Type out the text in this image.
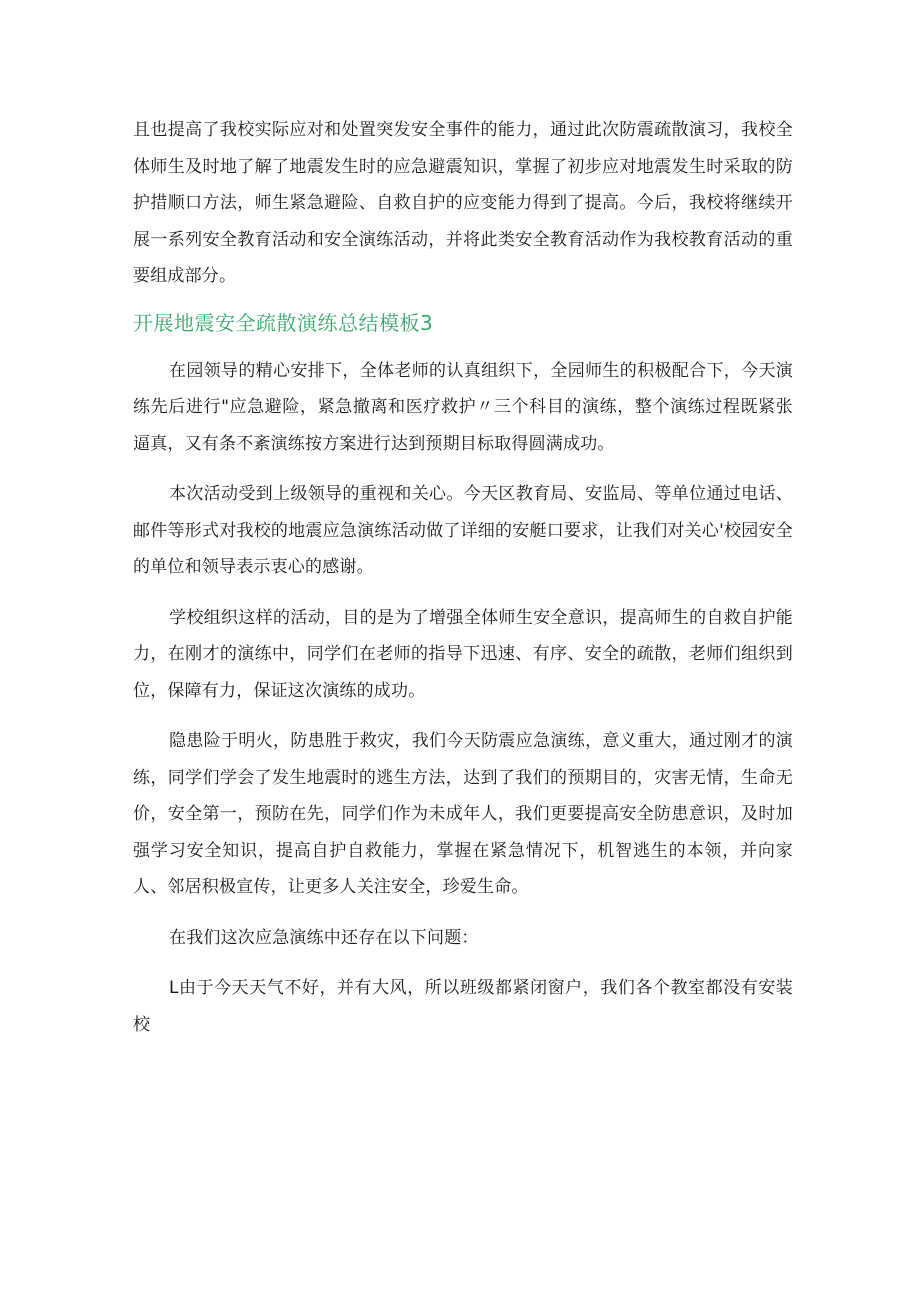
且也提高了我校实际应对和处置突发安全事件的能力，通过此次防震疏散演习，我校全体师生及时地了解了地震发生时的应急避震知识，掌握了初步应对地震发生时采取的防护措顺口方法，师生紧急避险、自救自护的应变能力得到了提高。今后，我校将继续开展一系列安全教育活动和安全演练活动，并将此类安全教育活动作为我校教育活动的重要组成部分。

开展地震安全疏散演练总结模板3

在园领导的精心安排下，全体老师的认真组织下，全园师生的积极配合下，今天演练先后进行"应急避险，紧急撤离和医疗救护〃三个科目的演练，整个演练过程既紧张逼真，又有条不紊演练按方案进行达到预期目标取得圆满成功。

本次活动受到上级领导的重视和关心。今天区教育局、安监局、等单位通过电话、邮件等形式对我校的地震应急演练活动做了详细的安艇口要求，让我们对关心'校园安全的单位和领导表示衷心的感谢。

学校组织这样的活动，目的是为了增强全体师生安全意识，提高师生的自救自护能力，在刚才的演练中，同学们在老师的指导下迅速、有序、安全的疏散，老师们组织到位，保障有力，保证这次演练的成功。

隐患险于明火，防患胜于救灾，我们今天防震应急演练，意义重大，通过刚才的演练，同学们学会了发生地震时的逃生方法，达到了我们的预期目的，灾害无情，生命无价，安全第一，预防在先，同学们作为未成年人，我们更要提高安全防患意识，及时加强学习安全知识，提高自护自救能力，掌握在紧急情况下，机智逃生的本领，并向家人、邻居积极宣传，让更多人关注安全，珍爱生命。

在我们这次应急演练中还存在以下问题：

L由于今天天气不好，并有大风，所以班级都紧闭窗户，我们各个教室都没有安装校
